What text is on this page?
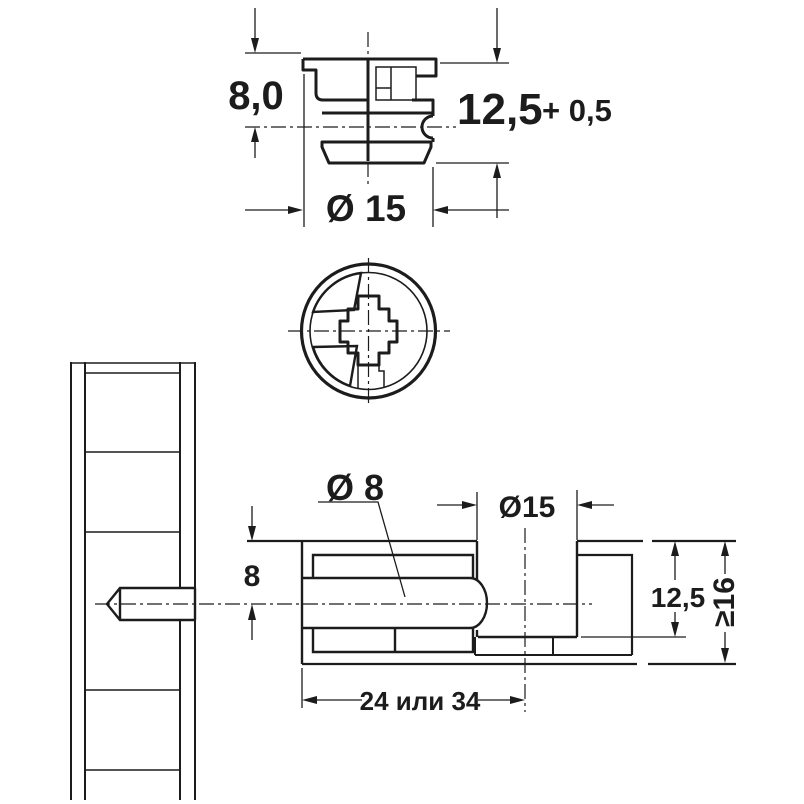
8,0	12,5 + 0,5
Ø 15
Ø 8
8
Ø15
12,5 ≥16
24 или 34
